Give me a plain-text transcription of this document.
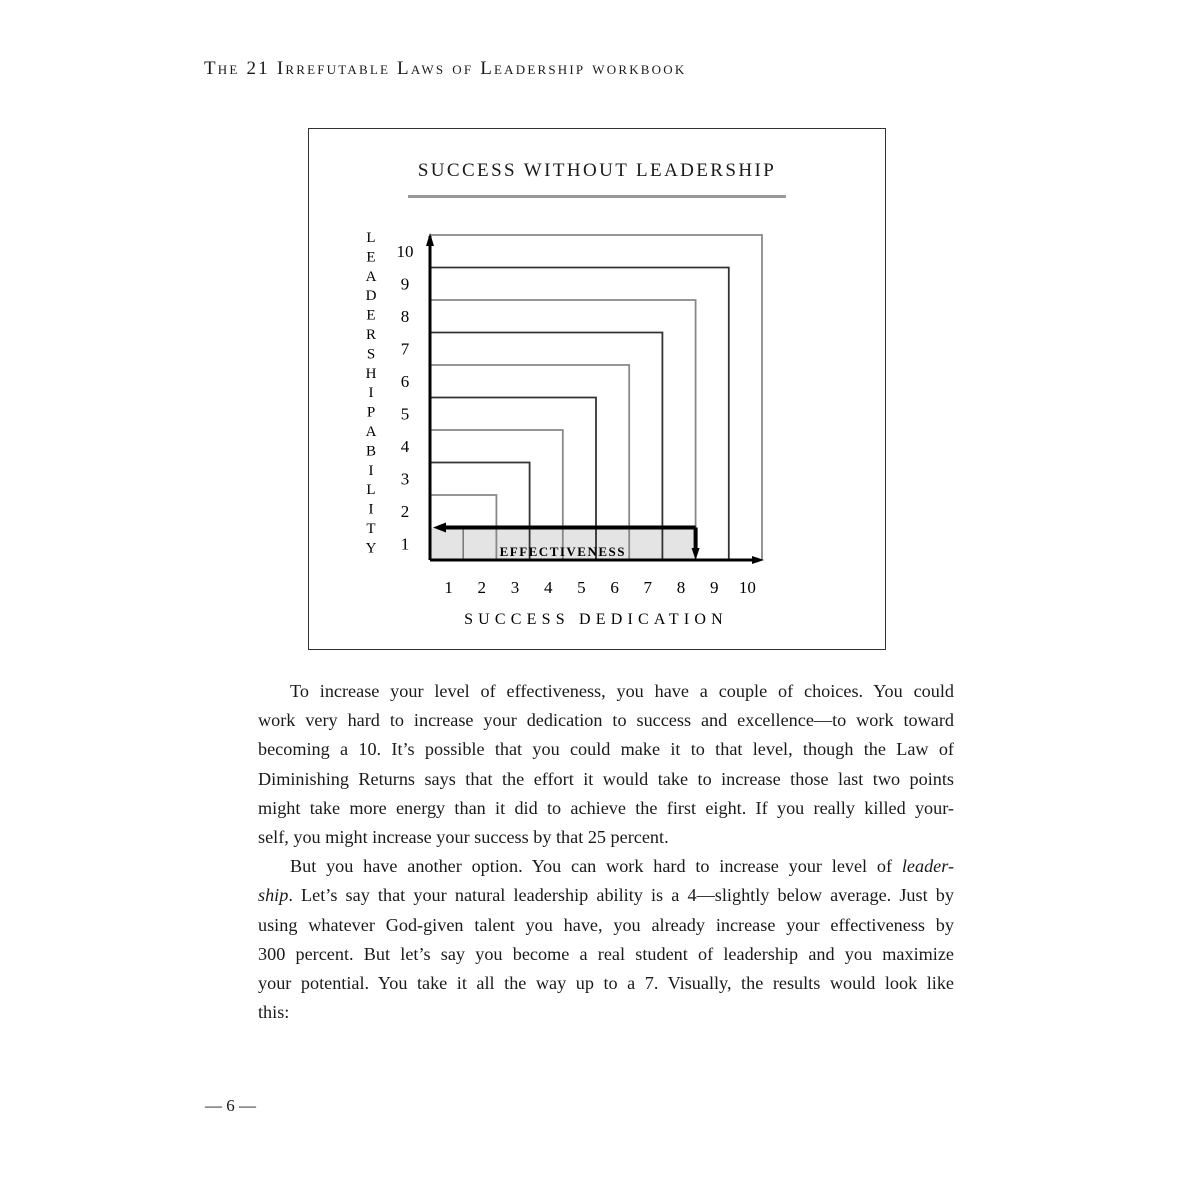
The 21 Irrefutable Laws of Leadership workbook
SUCCESS WITHOUT LEADERSHIP
EFFECTIVENESS
1
2
3
4
5
6
7
8
9
10
1 2 3 4 5 6 7 8 9 10
SUCCESS DEDICATION
L E A D E R S H I P A B I L I T Y
To increase your level of effectiveness, you have a couple of choices. You could
work very hard to increase your dedication to success and excellence—to work toward
becoming a 10. It’s possible that you could make it to that level, though the Law of
Diminishing Returns says that the effort it would take to increase those last two points
might take more energy than it did to achieve the first eight. If you really killed your-
self, you might increase your success by that 25 percent.
But you have another option. You can work hard to increase your level of leader-
ship. Let’s say that your natural leadership ability is a 4—slightly below average. Just by
using whatever God-given talent you have, you already increase your effectiveness by
300 percent. But let’s say you become a real student of leadership and you maximize
your potential. You take it all the way up to a 7. Visually, the results would look like
this:
— 6 —
